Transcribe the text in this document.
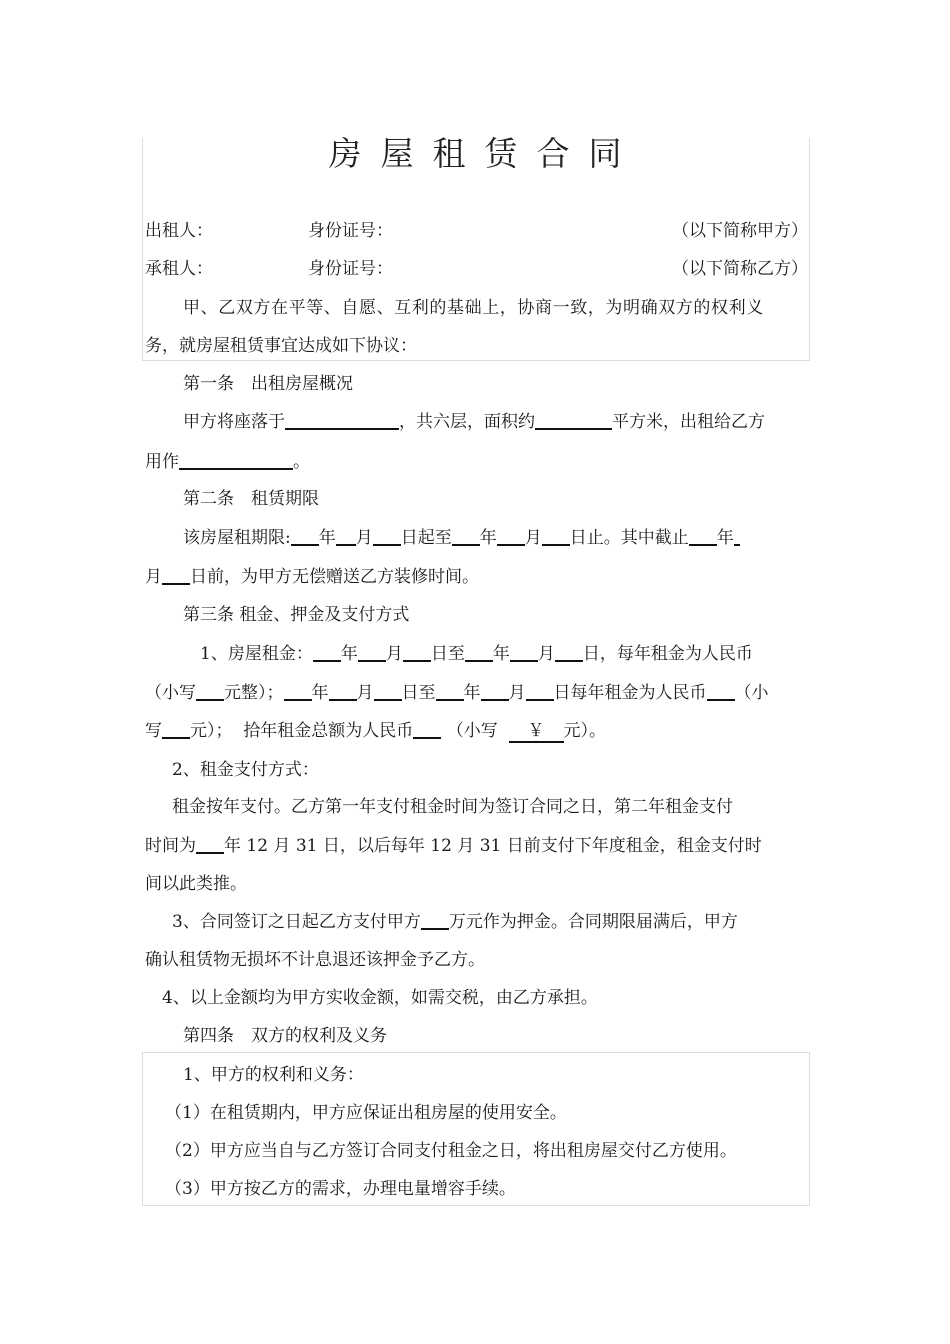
房屋租赁合同
出租人：	身份证号：	（以下简称甲方）
承租人：	身份证号：	（以下简称乙方）
甲、乙双方在平等、自愿、互利的基础上，协商一致，为明确双方的权利义
务，就房屋租赁事宜达成如下协议：
第一条　出租房屋概况
甲方将座落于	，共六层，面积约	平方米，出租给乙方
用作	。
第二条　租赁期限
该房屋租期限: 年 月 日起至 年 月 日止。其中截止 年
月 日前，为甲方无偿赠送乙方装修时间。
第三条 租金、押金及支付方式
1、房屋租金： 年 月 日至 年 月 日，每年租金为人民币
（小写 元整）； 年 月 日至 年 月 日每年租金为人民币 （小
写 元）； 拾年租金总额为人民币 （小写 ￥ 元）。
2、租金支付方式：
租金按年支付。乙方第一年支付租金时间为签订合同之日，第二年租金支付
时间为 年 12 月 31 日，以后每年 12 月 31 日前支付下年度租金，租金支付时
间以此类推。
3、合同签订之日起乙方支付甲方 万元作为押金。合同期限届满后，甲方
确认租赁物无损坏不计息退还该押金予乙方。
4、以上金额均为甲方实收金额，如需交税，由乙方承担。
第四条　双方的权利及义务
1、甲方的权利和义务：
（1）在租赁期内，甲方应保证出租房屋的使用安全。
（2）甲方应当自与乙方签订合同支付租金之日，将出租房屋交付乙方使用。
（3）甲方按乙方的需求，办理电量增容手续。
